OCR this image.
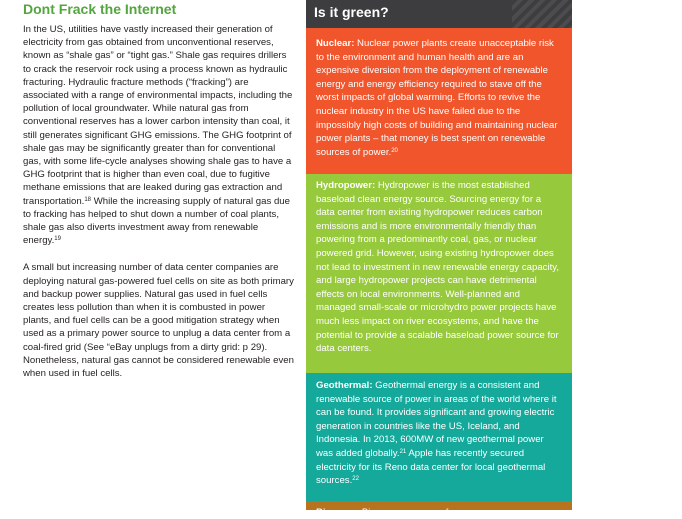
Dont Frack the Internet

In the US, utilities have vastly increased their generation of electricity from gas obtained from unconventional reserves, known as “shale gas” or “tight gas.” Shale gas requires drillers to crack the reservoir rock using a process known as hydraulic fracturing. Hydraulic fracture methods (“fracking”) are associated with a range of environmental impacts, including the pollution of local groundwater. While natural gas from conventional reserves has a lower carbon intensity than coal, it still generates significant GHG emissions. The GHG footprint of shale gas may be significantly greater than for conventional gas, with some life-cycle analyses showing shale gas to have a GHG footprint that is higher than even coal, due to fugitive methane emissions that are leaked during gas extraction and transportation.$^{18}$ While the increasing supply of natural gas due to fracking has helped to shut down a number of coal plants, shale gas also diverts investment away from renewable energy.$^{19}$

A small but increasing number of data center companies are deploying natural gas-powered fuel cells on site as both primary and backup power supplies. Natural gas used in fuel cells creates less pollution than when it is combusted in power plants, and fuel cells can be a good mitigation strategy when used as a primary power source to unplug a data center from a coal-fired grid (See “eBay unplugs from a dirty grid: p 29). Nonetheless, natural gas cannot be considered renewable even when used in fuel cells.

Is it green?

Nuclear: Nuclear power plants create unacceptable risk to the environment and human health and are an expensive diversion from the deployment of renewable energy and energy efficiency required to stave off the worst impacts of global warming. Efforts to revive the nuclear industry in the US have failed due to the impossibly high costs of building and maintaining nuclear power plants – that money is best spent on renewable sources of power.$^{20}$

Hydropower: Hydropower is the most established baseload clean energy source. Sourcing energy for a data center from existing hydropower reduces carbon emissions and is more environmentally friendly than powering from a predominantly coal, gas, or nuclear powered grid. However, using existing hydropower does not lead to investment in new renewable energy capacity, and large hydropower projects can have detrimental effects on local environments. Well-planned and managed small-scale or microhydro power projects have much less impact on river ecosystems, and have the potential to provide a scalable baseload power source for data centers.

Geothermal: Geothermal energy is a consistent and renewable source of power in areas of the world where it can be found. It provides significant and growing electric generation in countries like the US, Iceland, and Indonesia. In 2013, 600MW of new geothermal power was added globally.$^{21}$ Apple has recently secured electricity for its Reno data center for local geothermal sources.$^{22}$

Biomass: Biomass can come from many sources
